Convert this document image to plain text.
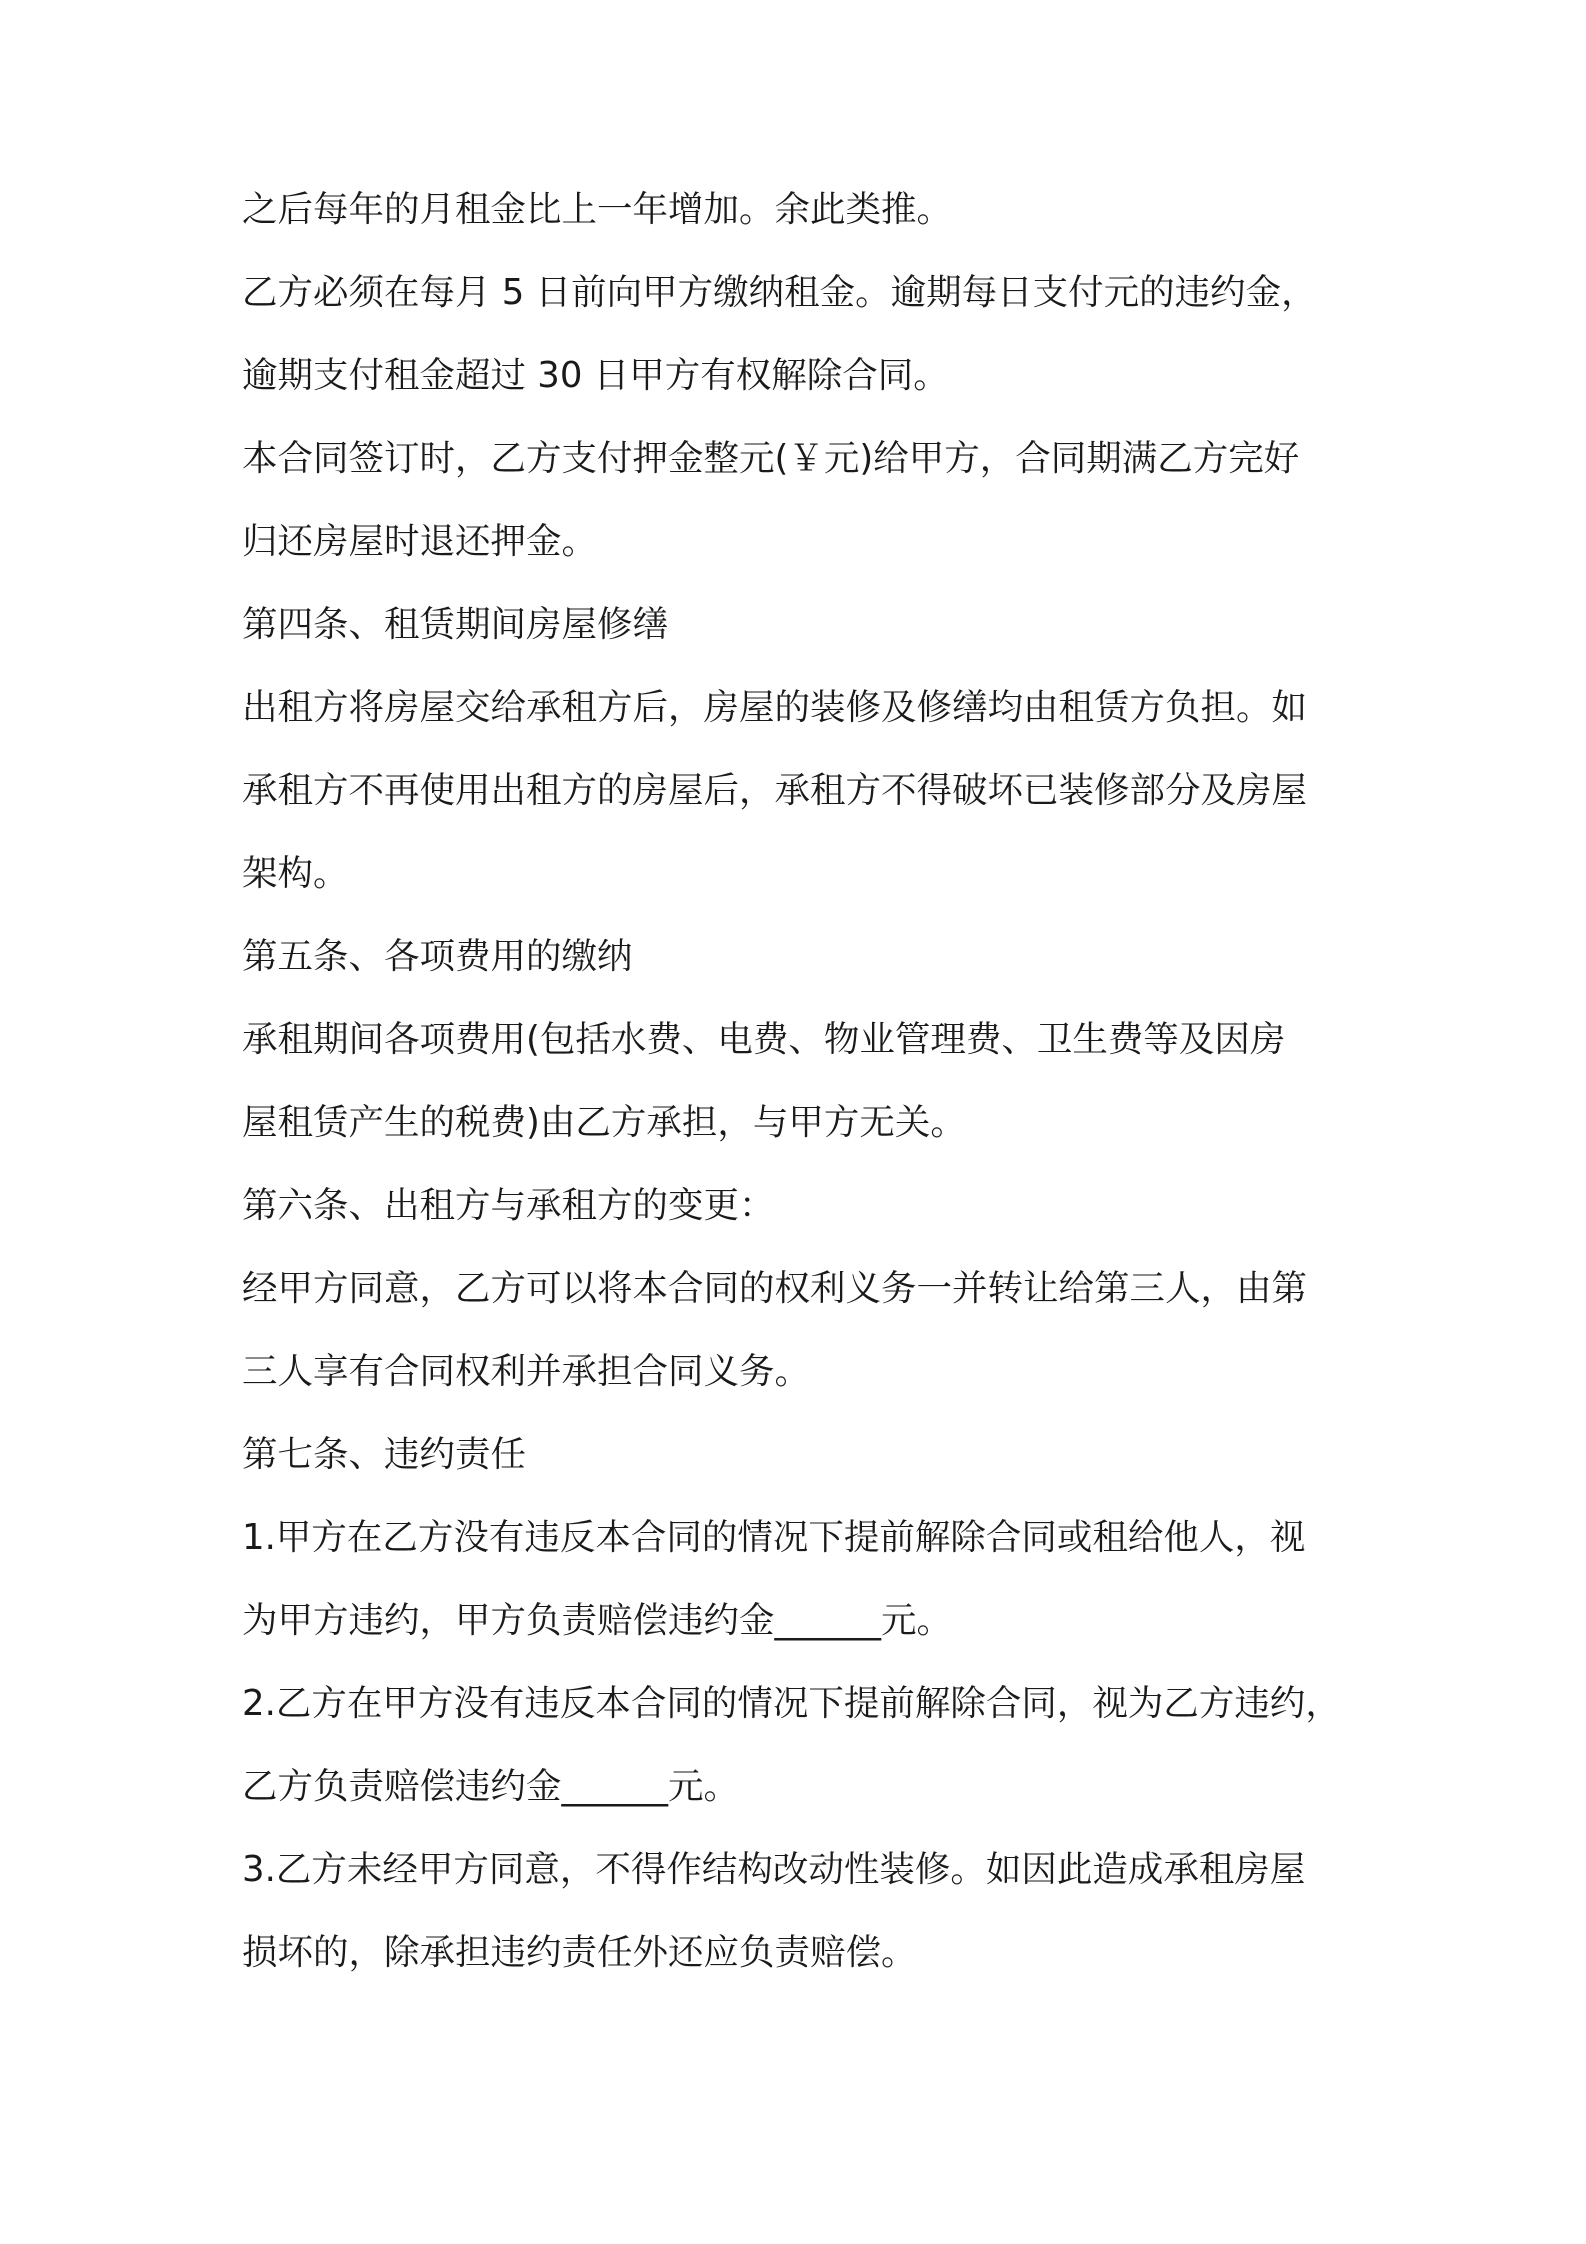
之后每年的月租金比上一年增加。余此类推。
乙方必须在每月 5 日前向甲方缴纳租金。逾期每日支付元的违约金，
逾期支付租金超过 30 日甲方有权解除合同。
本合同签订时，乙方支付押金整元(￥元)给甲方，合同期满乙方完好
归还房屋时退还押金。
第四条、租赁期间房屋修缮
出租方将房屋交给承租方后，房屋的装修及修缮均由租赁方负担。如
承租方不再使用出租方的房屋后，承租方不得破坏已装修部分及房屋
架构。
第五条、各项费用的缴纳
承租期间各项费用(包括水费、电费、物业管理费、卫生费等及因房
屋租赁产生的税费)由乙方承担，与甲方无关。
第六条、出租方与承租方的变更：
经甲方同意，乙方可以将本合同的权利义务一并转让给第三人，由第
三人享有合同权利并承担合同义务。
第七条、违约责任
1.甲方在乙方没有违反本合同的情况下提前解除合同或租给他人，视
为甲方违约，甲方负责赔偿违约金______元。
2.乙方在甲方没有违反本合同的情况下提前解除合同，视为乙方违约，
乙方负责赔偿违约金______元。
3.乙方未经甲方同意，不得作结构改动性装修。如因此造成承租房屋
损坏的，除承担违约责任外还应负责赔偿。
